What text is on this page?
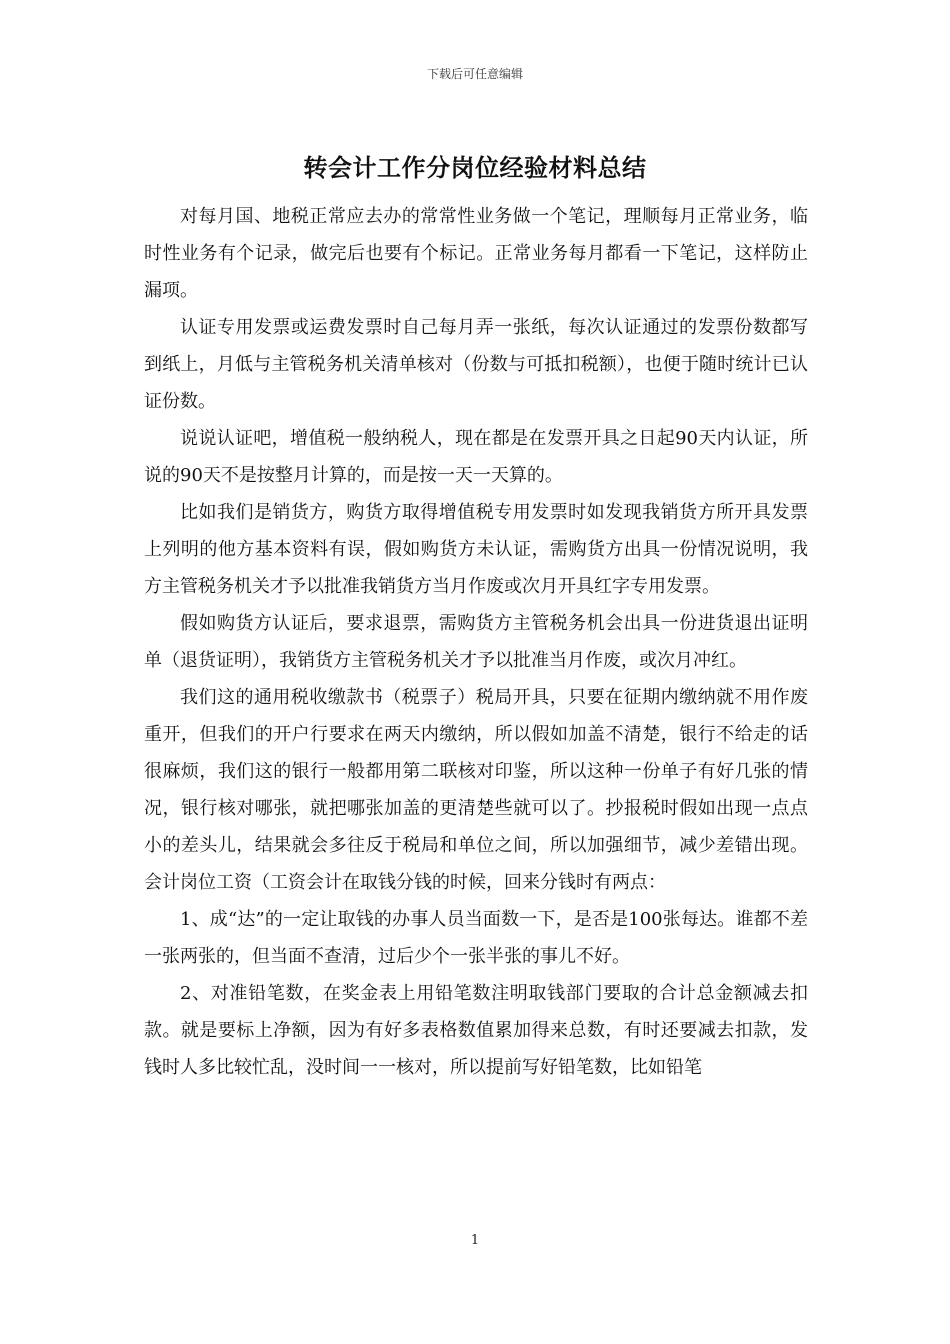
下载后可任意编辑
转会计工作分岗位经验材料总结

对每月国、地税正常应去办的常常性业务做一个笔记，理顺每月正常业务，临时性业务有个记录，做完后也要有个标记。正常业务每月都看一下笔记，这样防止漏项。

认证专用发票或运费发票时自己每月弄一张纸，每次认证通过的发票份数都写到纸上，月低与主管税务机关清单核对（份数与可抵扣税额），也便于随时统计已认证份数。

说说认证吧，增值税一般纳税人，现在都是在发票开具之日起90天内认证，所说的90天不是按整月计算的，而是按一天一天算的。

比如我们是销货方，购货方取得增值税专用发票时如发现我销货方所开具发票上列明的他方基本资料有误，假如购货方未认证，需购货方出具一份情况说明，我方主管税务机关才予以批准我销货方当月作废或次月开具红字专用发票。

假如购货方认证后，要求退票，需购货方主管税务机会出具一份进货退出证明单（退货证明），我销货方主管税务机关才予以批准当月作废，或次月冲红。

我们这的通用税收缴款书（税票子）税局开具，只要在征期内缴纳就不用作废重开，但我们的开户行要求在两天内缴纳，所以假如加盖不清楚，银行不给走的话很麻烦，我们这的银行一般都用第二联核对印鉴，所以这种一份单子有好几张的情况，银行核对哪张，就把哪张加盖的更清楚些就可以了。抄报税时假如出现一点点小的差头儿，结果就会多往反于税局和单位之间，所以加强细节，减少差错出现。会计岗位工资（工资会计在取钱分钱的时候，回来分钱时有两点：

1、成“达”的一定让取钱的办事人员当面数一下，是否是100张每达。谁都不差一张两张的，但当面不查清，过后少个一张半张的事儿不好。

2、对准铅笔数，在奖金表上用铅笔数注明取钱部门要取的合计总金额减去扣款。就是要标上净额，因为有好多表格数值累加得来总数，有时还要减去扣款，发钱时人多比较忙乱，没时间一一核对，所以提前写好铅笔数，比如铅笔

1
